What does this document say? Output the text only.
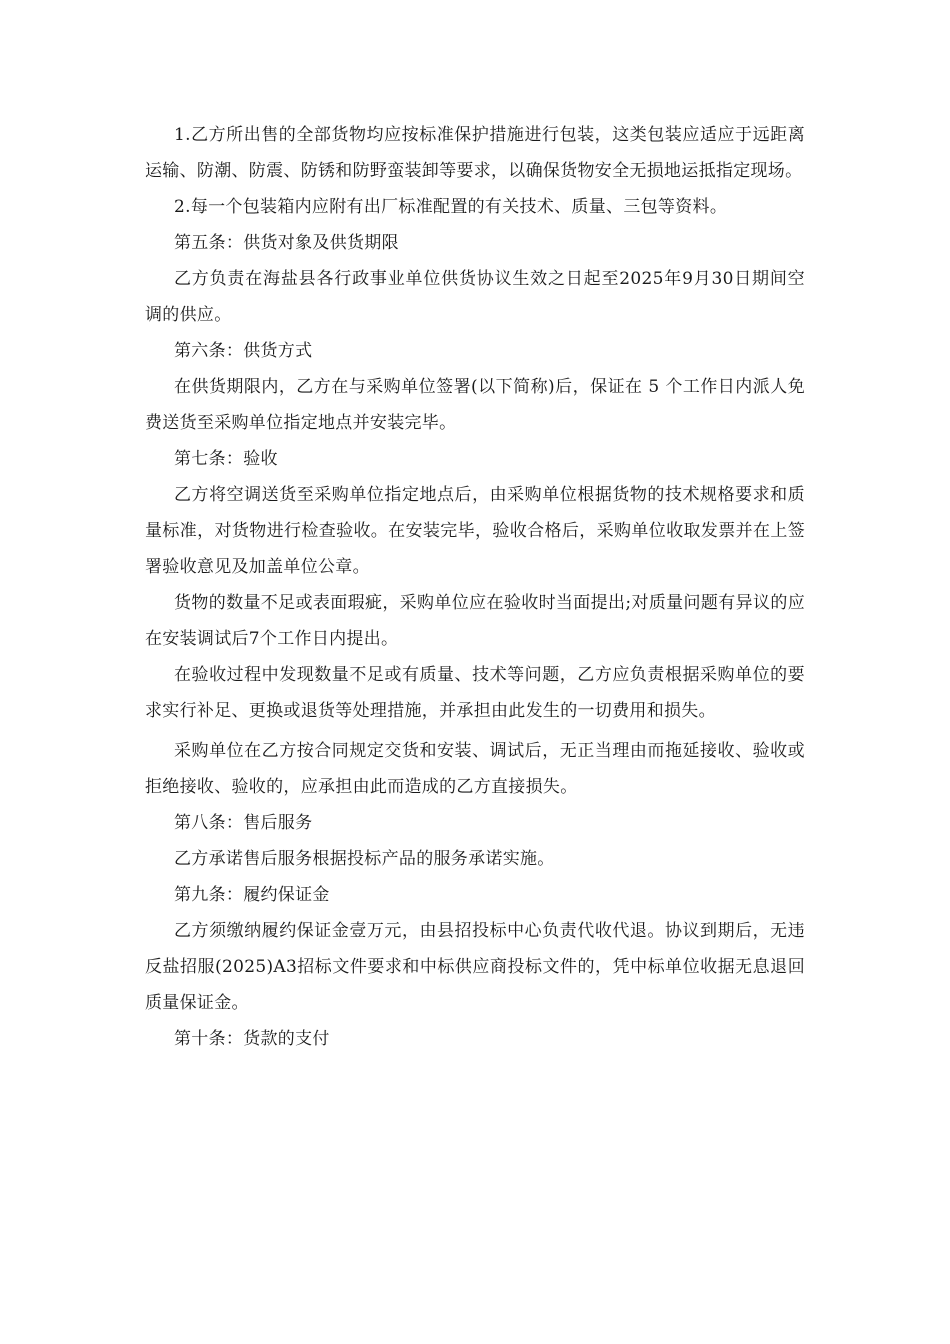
1.乙方所出售的全部货物均应按标准保护措施进行包装，这类包装应适应于远距离运输、防潮、防震、防锈和防野蛮装卸等要求，以确保货物安全无损地运抵指定现场。

2.每一个包装箱内应附有出厂标准配置的有关技术、质量、三包等资料。

第五条：供货对象及供货期限

乙方负责在海盐县各行政事业单位供货协议生效之日起至2025年9月30日期间空调的供应。

第六条：供货方式

在供货期限内，乙方在与采购单位签署(以下简称)后，保证在 5 个工作日内派人免费送货至采购单位指定地点并安装完毕。

第七条：验收

乙方将空调送货至采购单位指定地点后，由采购单位根据货物的技术规格要求和质量标准，对货物进行检查验收。在安装完毕，验收合格后，采购单位收取发票并在上签署验收意见及加盖单位公章。

货物的数量不足或表面瑕疵，采购单位应在验收时当面提出;对质量问题有异议的应在安装调试后7个工作日内提出。

在验收过程中发现数量不足或有质量、技术等问题，乙方应负责根据采购单位的要求实行补足、更换或退货等处理措施，并承担由此发生的一切费用和损失。

采购单位在乙方按合同规定交货和安装、调试后，无正当理由而拖延接收、验收或拒绝接收、验收的，应承担由此而造成的乙方直接损失。

第八条：售后服务

乙方承诺售后服务根据投标产品的服务承诺实施。

第九条：履约保证金

乙方须缴纳履约保证金壹万元，由县招投标中心负责代收代退。协议到期后，无违反盐招服(2025)A3招标文件要求和中标供应商投标文件的，凭中标单位收据无息退回质量保证金。

第十条：货款的支付
